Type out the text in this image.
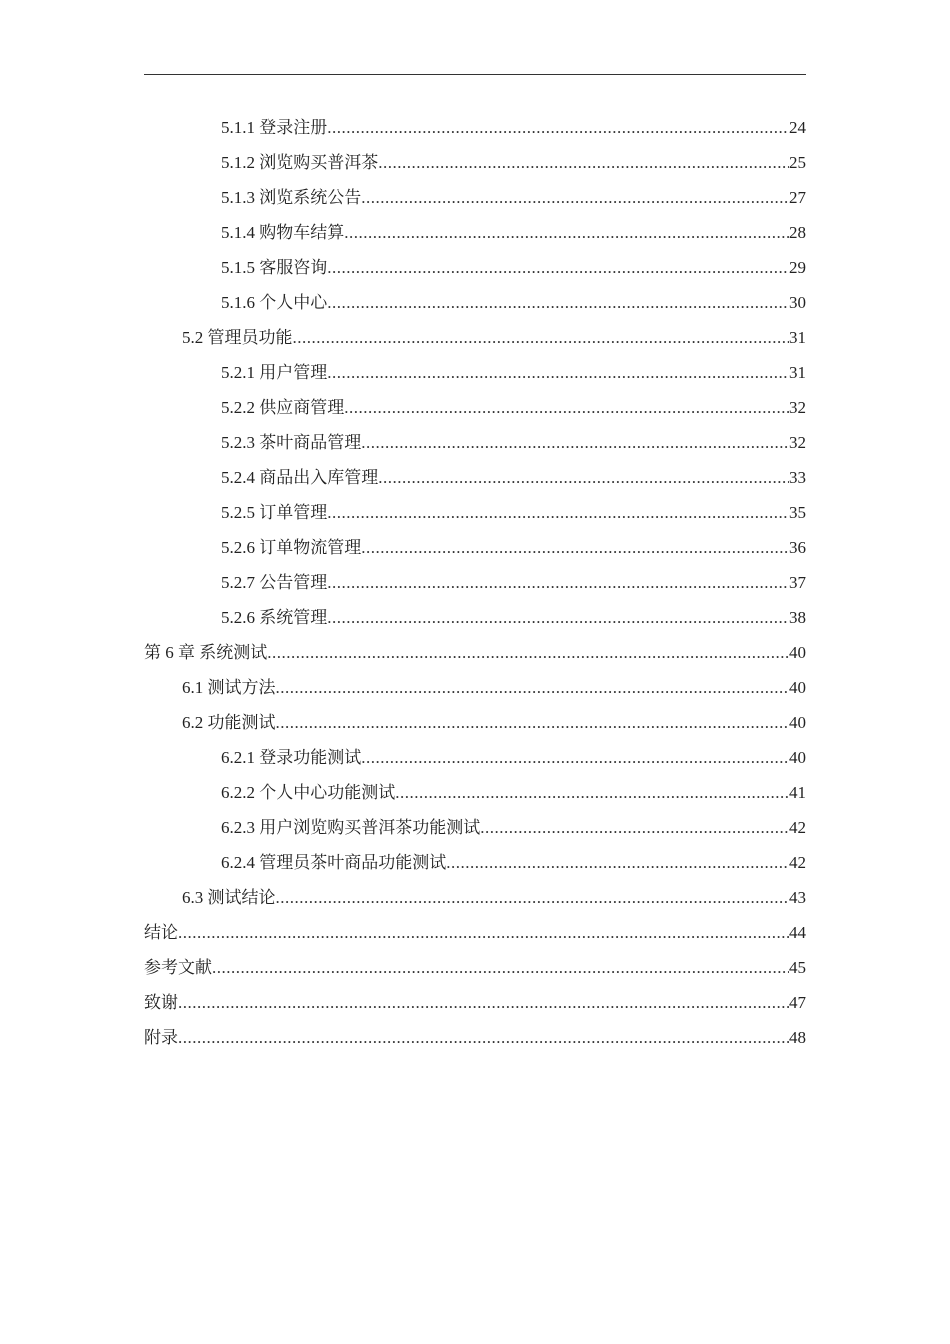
5.1.1 登录注册 .....	24
5.1.2 浏览购买普洱茶 .....	25
5.1.3 浏览系统公告 .....	27
5.1.4 购物车结算 .....	28
5.1.5 客服咨询 .....	29
5.1.6 个人中心 .....	30
5.2 管理员功能 .....	31
5.2.1 用户管理 .....	31
5.2.2 供应商管理 .....	32
5.2.3 茶叶商品管理 .....	32
5.2.4 商品出入库管理 .....	33
5.2.5 订单管理 .....	35
5.2.6 订单物流管理 .....	36
5.2.7 公告管理 .....	37
5.2.6 系统管理 .....	38
第 6 章 系统测试 .....	40
6.1 测试方法 .....	40
6.2 功能测试 .....	40
6.2.1 登录功能测试 .....	40
6.2.2 个人中心功能测试 .....	41
6.2.3 用户浏览购买普洱茶功能测试 .....	42
6.2.4 管理员茶叶商品功能测试 .....	42
6.3 测试结论 .....	43
结论 .....	44
参考文献 .....	45
致谢 .....	47
附录 .....	48
